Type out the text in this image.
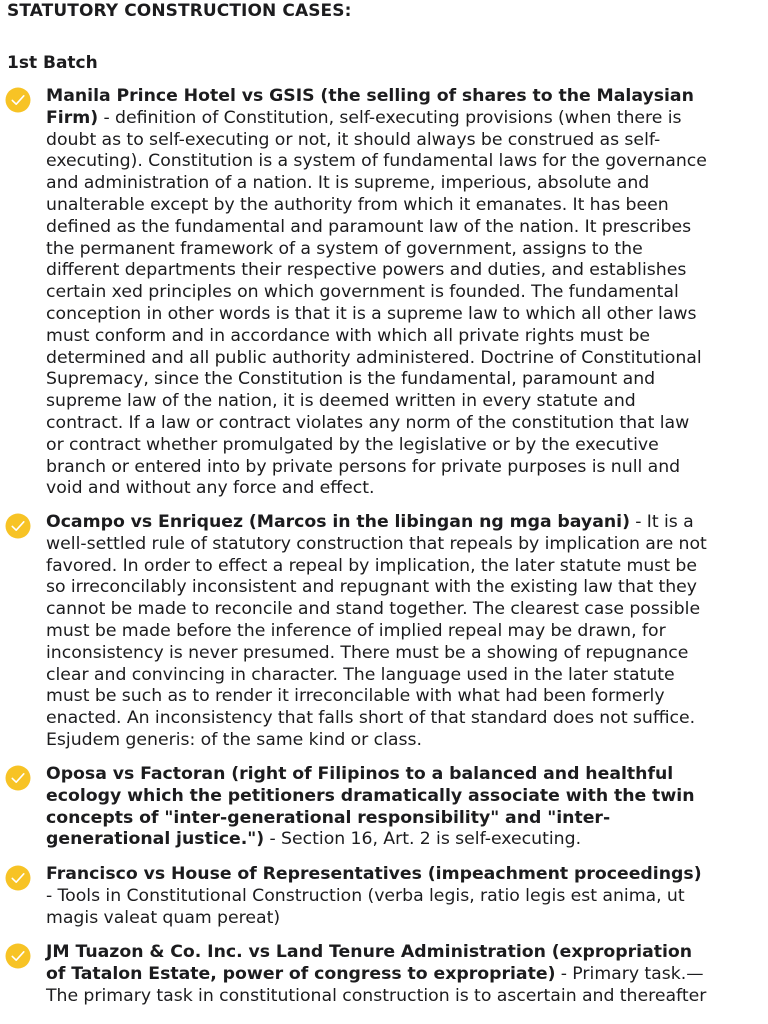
STATUTORY CONSTRUCTION CASES:
1st Batch
Manila Prince Hotel vs GSIS (the selling of shares to the Malaysian
Firm) - definition of Constitution, self-executing provisions (when there is
doubt as to self-executing or not, it should always be construed as self-
executing). Constitution is a system of fundamental laws for the governance
and administration of a nation. It is supreme, imperious, absolute and
unalterable except by the authority from which it emanates. It has been
defined as the fundamental and paramount law of the nation. It prescribes
the permanent framework of a system of government, assigns to the
different departments their respective powers and duties, and establishes
certain xed principles on which government is founded. The fundamental
conception in other words is that it is a supreme law to which all other laws
must conform and in accordance with which all private rights must be
determined and all public authority administered. Doctrine of Constitutional
Supremacy, since the Constitution is the fundamental, paramount and
supreme law of the nation, it is deemed written in every statute and
contract. If a law or contract violates any norm of the constitution that law
or contract whether promulgated by the legislative or by the executive
branch or entered into by private persons for private purposes is null and
void and without any force and effect.
Ocampo vs Enriquez (Marcos in the libingan ng mga bayani) - It is a
well-settled rule of statutory construction that repeals by implication are not
favored. In order to effect a repeal by implication, the later statute must be
so irreconcilably inconsistent and repugnant with the existing law that they
cannot be made to reconcile and stand together. The clearest case possible
must be made before the inference of implied repeal may be drawn, for
inconsistency is never presumed. There must be a showing of repugnance
clear and convincing in character. The language used in the later statute
must be such as to render it irreconcilable with what had been formerly
enacted. An inconsistency that falls short of that standard does not suffice.
Esjudem generis: of the same kind or class.
Oposa vs Factoran (right of Filipinos to a balanced and healthful
ecology which the petitioners dramatically associate with the twin
concepts of "inter-generational responsibility" and "inter-
generational justice.") - Section 16, Art. 2 is self-executing.
Francisco vs House of Representatives (impeachment proceedings)
- Tools in Constitutional Construction (verba legis, ratio legis est anima, ut
magis valeat quam pereat)
JM Tuazon & Co. Inc. vs Land Tenure Administration (expropriation
of Tatalon Estate, power of congress to expropriate) - Primary task.—
The primary task in constitutional construction is to ascertain and thereafter
